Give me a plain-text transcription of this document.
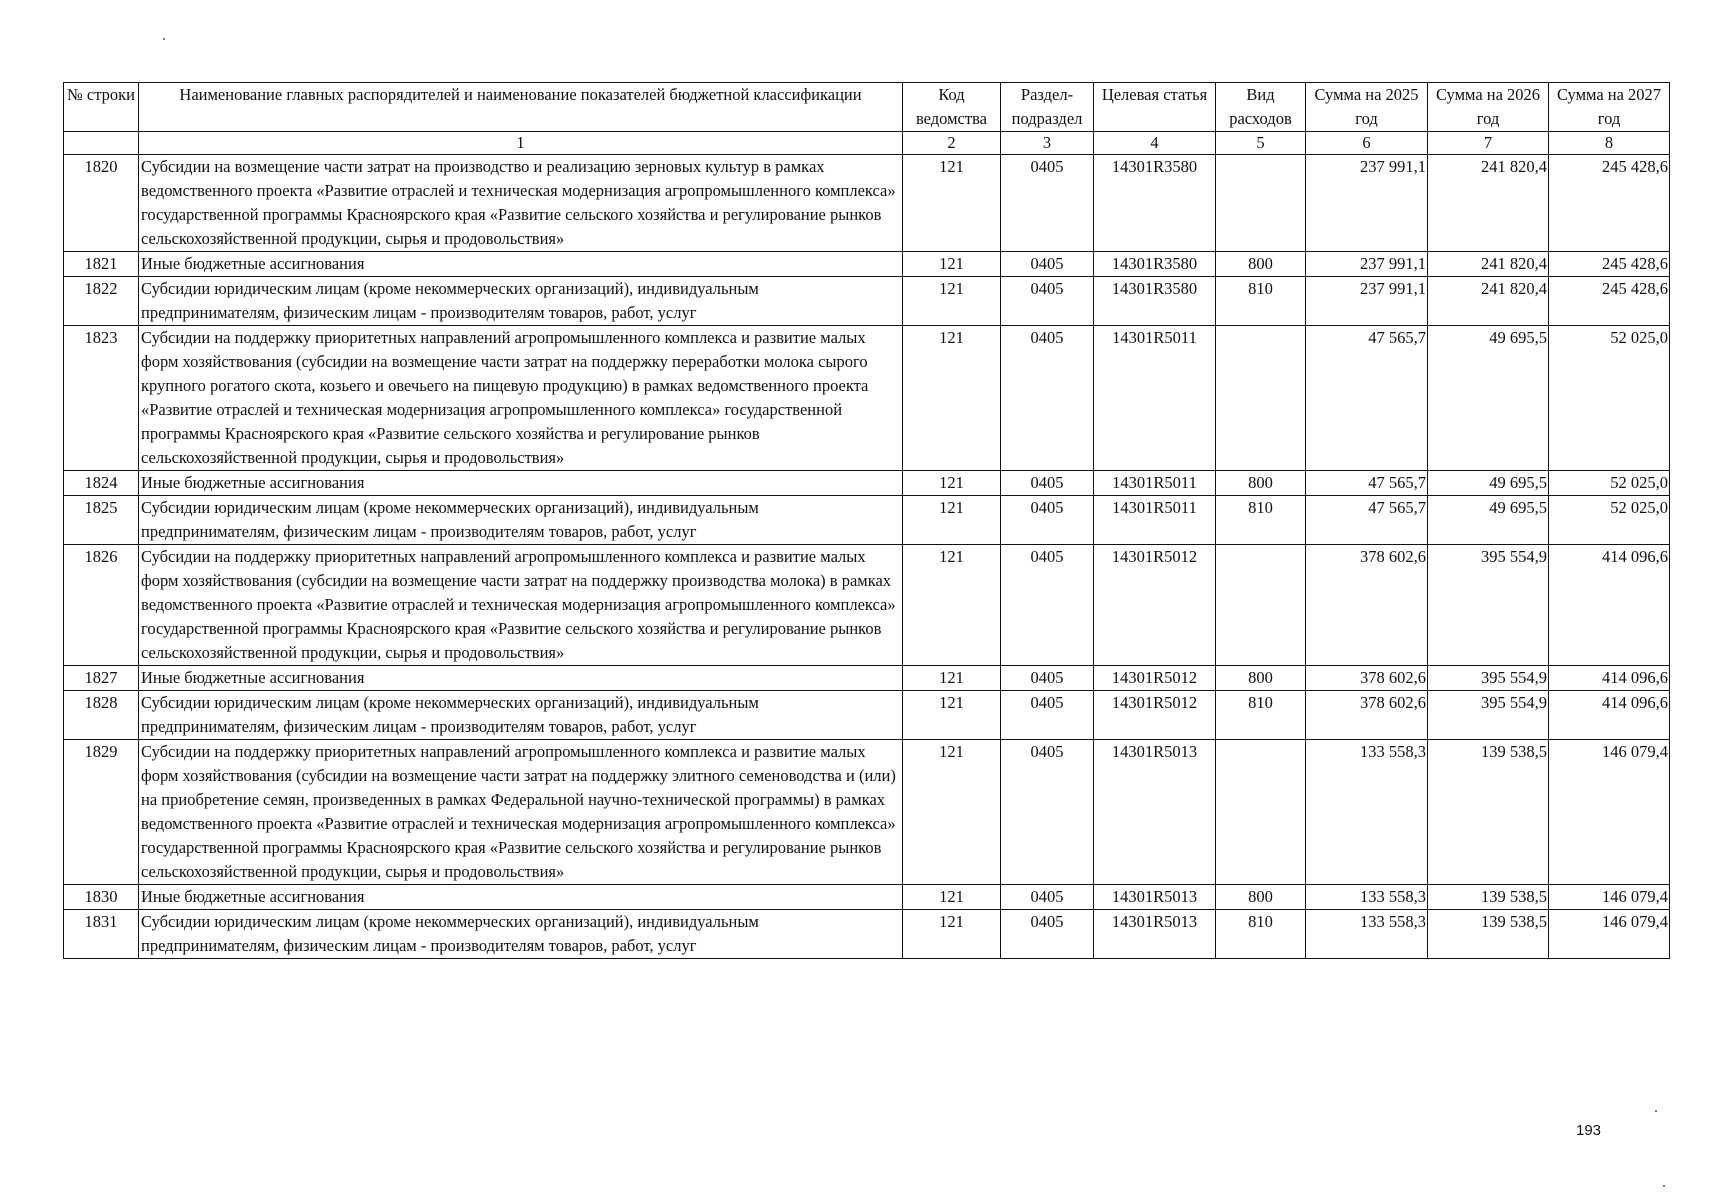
№ строки	Наименование главных распорядителей и наименование показателей бюджетной классификации	Код ведомства	Раздел-подраздел	Целевая статья	Вид расходов	Сумма на 2025 год	Сумма на 2026 год	Сумма на 2027 год
	1	2	3	4	5	6	7	8
1820	Субсидии на возмещение части затрат на производство и реализацию зерновых культур в рамках ведомственного проекта «Развитие отраслей и техническая модернизация агропромышленного комплекса» государственной программы Красноярского края «Развитие сельского хозяйства и регулирование рынков сельскохозяйственной продукции, сырья и продовольствия»	121	0405	14301R3580		237 991,1	241 820,4	245 428,6
1821	Иные бюджетные ассигнования	121	0405	14301R3580	800	237 991,1	241 820,4	245 428,6
1822	Субсидии юридическим лицам (кроме некоммерческих организаций), индивидуальным предпринимателям, физическим лицам - производителям товаров, работ, услуг	121	0405	14301R3580	810	237 991,1	241 820,4	245 428,6
1823	Субсидии на поддержку приоритетных направлений агропромышленного комплекса и развитие малых форм хозяйствования (субсидии на возмещение части затрат на поддержку переработки молока сырого крупного рогатого скота, козьего и овечьего на пищевую продукцию) в рамках ведомственного проекта «Развитие отраслей и техническая модернизация агропромышленного комплекса» государственной программы Красноярского края «Развитие сельского хозяйства и регулирование рынков сельскохозяйственной продукции, сырья и продовольствия»	121	0405	14301R5011		47 565,7	49 695,5	52 025,0
1824	Иные бюджетные ассигнования	121	0405	14301R5011	800	47 565,7	49 695,5	52 025,0
1825	Субсидии юридическим лицам (кроме некоммерческих организаций), индивидуальным предпринимателям, физическим лицам - производителям товаров, работ, услуг	121	0405	14301R5011	810	47 565,7	49 695,5	52 025,0
1826	Субсидии на поддержку приоритетных направлений агропромышленного комплекса и развитие малых форм хозяйствования (субсидии на возмещение части затрат на поддержку производства молока) в рамках ведомственного проекта «Развитие отраслей и техническая модернизация агропромышленного комплекса» государственной программы Красноярского края «Развитие сельского хозяйства и регулирование рынков сельскохозяйственной продукции, сырья и продовольствия»	121	0405	14301R5012		378 602,6	395 554,9	414 096,6
1827	Иные бюджетные ассигнования	121	0405	14301R5012	800	378 602,6	395 554,9	414 096,6
1828	Субсидии юридическим лицам (кроме некоммерческих организаций), индивидуальным предпринимателям, физическим лицам - производителям товаров, работ, услуг	121	0405	14301R5012	810	378 602,6	395 554,9	414 096,6
1829	Субсидии на поддержку приоритетных направлений агропромышленного комплекса и развитие малых форм хозяйствования (субсидии на возмещение части затрат на поддержку элитного семеноводства и (или) на приобретение семян, произведенных в рамках Федеральной научно-технической программы) в рамках ведомственного проекта «Развитие отраслей и техническая модернизация агропромышленного комплекса» государственной программы Красноярского края «Развитие сельского хозяйства и регулирование рынков сельскохозяйственной продукции, сырья и продовольствия»	121	0405	14301R5013		133 558,3	139 538,5	146 079,4
1830	Иные бюджетные ассигнования	121	0405	14301R5013	800	133 558,3	139 538,5	146 079,4
1831	Субсидии юридическим лицам (кроме некоммерческих организаций), индивидуальным предпринимателям, физическим лицам - производителям товаров, работ, услуг	121	0405	14301R5013	810	133 558,3	139 538,5	146 079,4
193
